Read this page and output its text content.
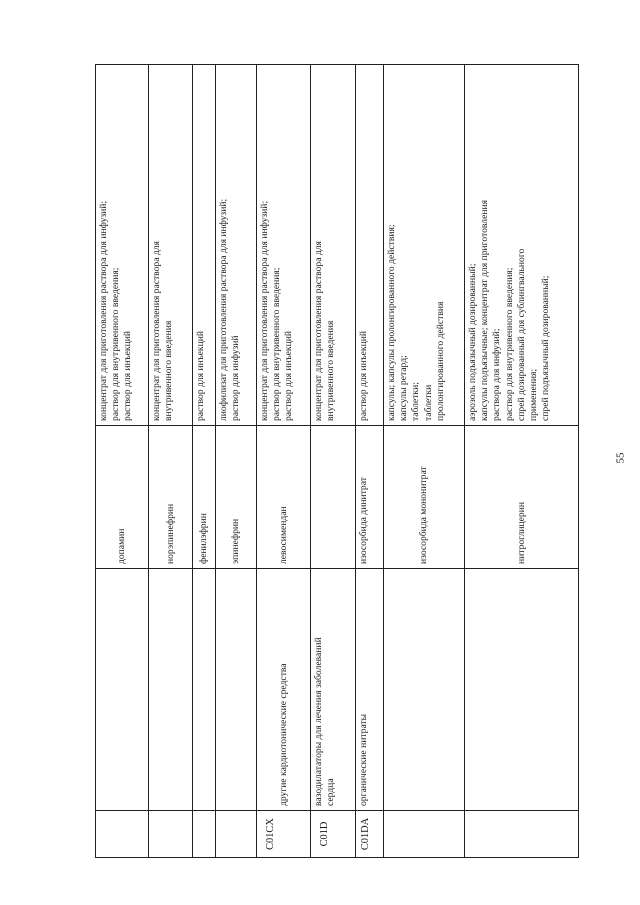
допамин
концентрат для приготовления раствора для инфузий;
раствор для внутривенного введения;
раствор для инъекций
норэпинефрин
концентрат для приготовления раствора для
внутривенного введения
фенилэфрин
раствор для инъекций
эпинефрин
лиофилизат для приготовления раствора для инфузий;
раствор для инфузий
C01CX
другие кардиотонические средства
левосимендан
концентрат для приготовления раствора для инфузий;
раствор для внутривенного введения;
раствор для инъекций
C01D
вазодилататоры для лечения заболеваний
сердца
концентрат для приготовления раствора для
внутривенного введения
C01DA
органические нитраты
изосорбида динитрат
раствор для инъекций
изосорбида мононитрат
капсулы; капсулы пролонгированного действия;
капсулы ретард;
таблетки;
таблетки
пролонгированного действия
нитроглицерин
аэрозоль подъязычный дозированный;
капсулы подъязычные; концентрат для приготовления
раствора для инфузий;
раствор для внутривенного введения;
спрей дозированный для сублингвального
применения;
спрей подъязычный дозированный;
55
